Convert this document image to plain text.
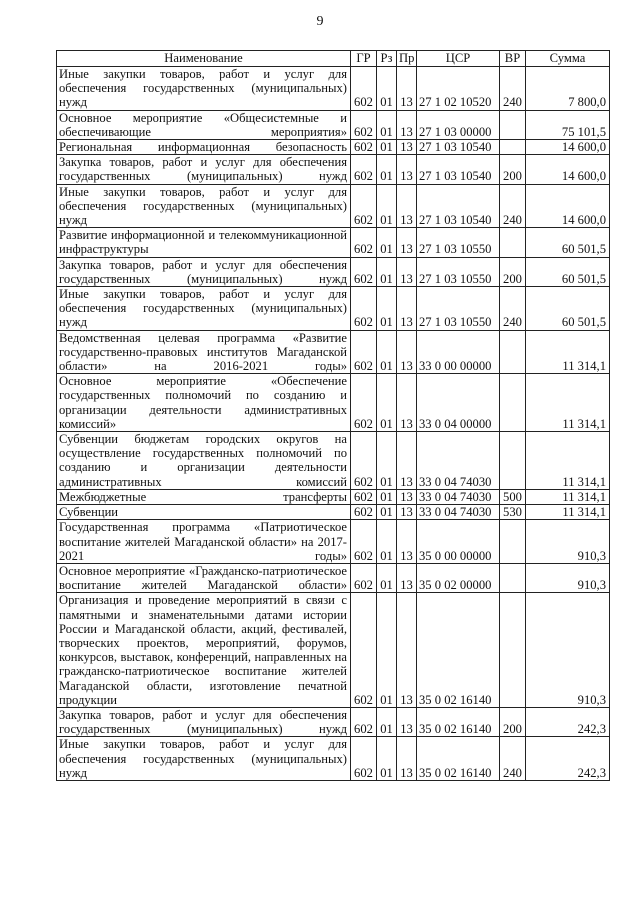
9
Наименование	ГР	Рз	Пр	ЦСР	ВР	Сумма
Иные закупки товаров, работ и услуг для обеспечения государственных (муниципальных) нужд	602	01	13	27 1 02 10520	240	7 800,0
Основное мероприятие «Общесистемные и обеспечивающие мероприятия»	602	01	13	27 1 03 00000		75 101,5
Региональная информационная безопасность	602	01	13	27 1 03 10540		14 600,0
Закупка товаров, работ и услуг для обеспечения государственных (муниципальных) нужд	602	01	13	27 1 03 10540	200	14 600,0
Иные закупки товаров, работ и услуг для обеспечения государственных (муниципальных) нужд	602	01	13	27 1 03 10540	240	14 600,0
Развитие информационной и телекоммуникационной инфраструктуры	602	01	13	27 1 03 10550		60 501,5
Закупка товаров, работ и услуг для обеспечения государственных (муниципальных) нужд	602	01	13	27 1 03 10550	200	60 501,5
Иные закупки товаров, работ и услуг для обеспечения государственных (муниципальных) нужд	602	01	13	27 1 03 10550	240	60 501,5
Ведомственная целевая программа «Развитие государственно-правовых институтов Магаданской области» на 2016-2021 годы»	602	01	13	33 0 00 00000		11 314,1
Основное мероприятие «Обеспечение государственных полномочий по созданию и организации деятельности административных комиссий»	602	01	13	33 0 04 00000		11 314,1
Субвенции бюджетам городских округов на осуществление государственных полномочий по созданию и организации деятельности административных комиссий	602	01	13	33 0 04 74030		11 314,1
Межбюджетные трансферты	602	01	13	33 0 04 74030	500	11 314,1
Субвенции	602	01	13	33 0 04 74030	530	11 314,1
Государственная программа «Патриотическое воспитание жителей Магаданской области» на 2017-2021 годы»	602	01	13	35 0 00 00000		910,3
Основное мероприятие «Гражданско-патриотическое воспитание жителей Магаданской области»	602	01	13	35 0 02 00000		910,3
Организация и проведение мероприятий в связи с памятными и знаменательными датами истории России и Магаданской области, акций, фестивалей, творческих проектов, мероприятий, форумов, конкурсов, выставок, конференций, направленных на гражданско-патриотическое воспитание жителей Магаданской области, изготовление печатной продукции	602	01	13	35 0 02 16140		910,3
Закупка товаров, работ и услуг для обеспечения государственных (муниципальных) нужд	602	01	13	35 0 02 16140	200	242,3
Иные закупки товаров, работ и услуг для обеспечения государственных (муниципальных) нужд	602	01	13	35 0 02 16140	240	242,3
